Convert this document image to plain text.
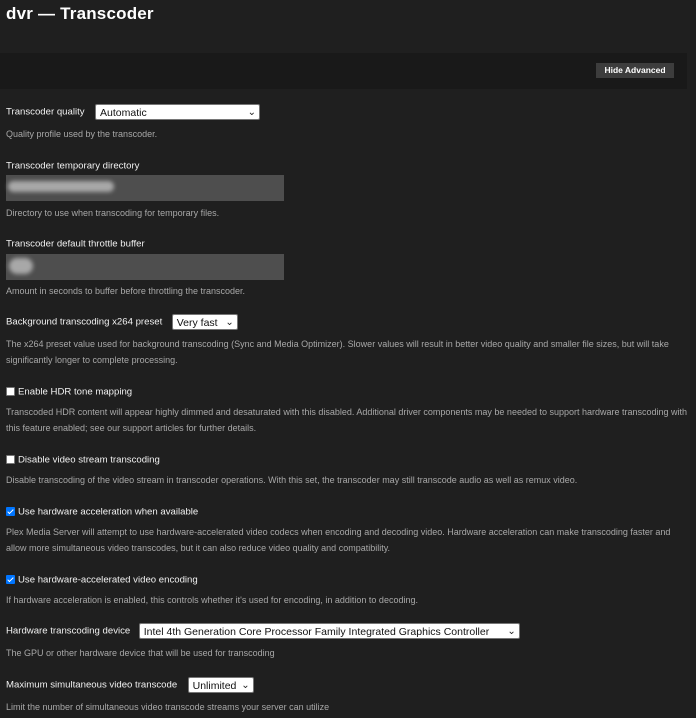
dvr — Transcoder
Hide Advanced
Transcoder quality Automatic	⌄
Quality profile used by the transcoder.
Transcoder temporary directory
Directory to use when transcoding for temporary files.
Transcoder default throttle buffer
Amount in seconds to buffer before throttling the transcoder.
Background transcoding x264 preset Very fast ⌄
The x264 preset value used for background transcoding (Sync and Media Optimizer). Slower values will result in better video quality and smaller file sizes, but will take significantly longer to complete processing.
Enable HDR tone mapping
Transcoded HDR content will appear highly dimmed and desaturated with this disabled. Additional driver components may be needed to support hardware transcoding with this feature enabled; see our support articles for further details.
Disable video stream transcoding
Disable transcoding of the video stream in transcoder operations. With this set, the transcoder may still transcode audio as well as remux video.
Use hardware acceleration when available
Plex Media Server will attempt to use hardware-accelerated video codecs when encoding and decoding video. Hardware acceleration can make transcoding faster and allow more simultaneous video transcodes, but it can also reduce video quality and compatibility.
Use hardware-accelerated video encoding
If hardware acceleration is enabled, this controls whether it's used for encoding, in addition to decoding.
Hardware transcoding device Intel 4th Generation Core Processor Family Integrated Graphics Controller ⌄
The GPU or other hardware device that will be used for transcoding
Maximum simultaneous video transcode Unlimited ⌄
Limit the number of simultaneous video transcode streams your server can utilize
